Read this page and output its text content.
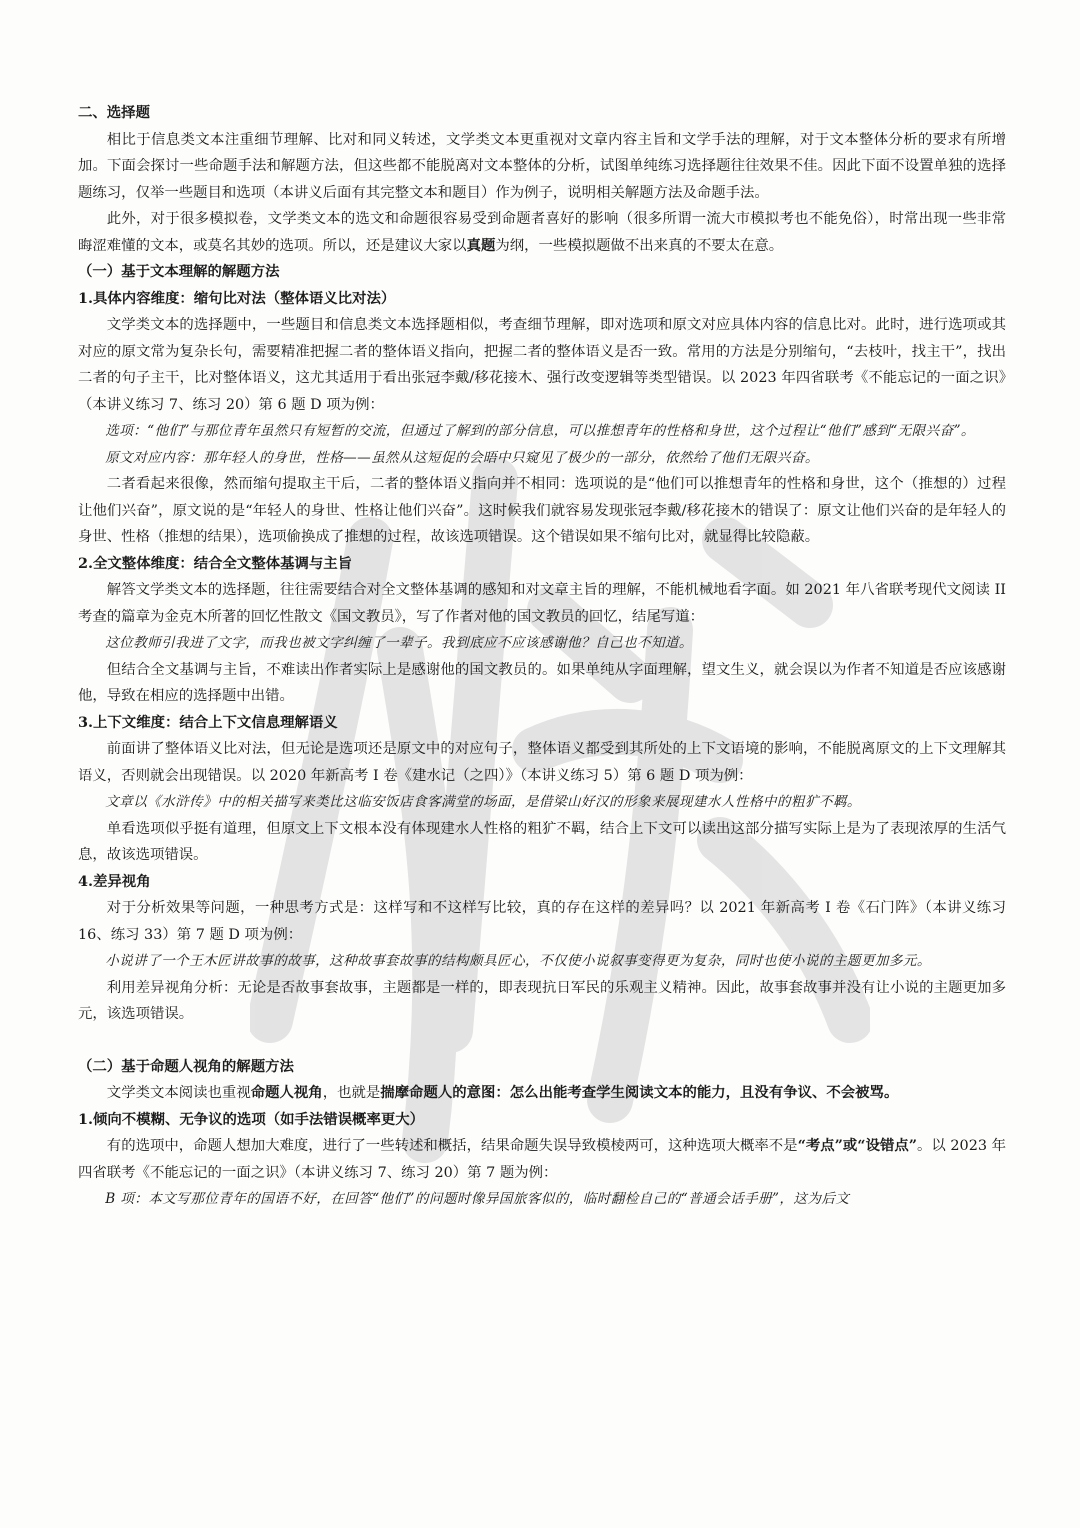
二、选择题
相比于信息类文本注重细节理解、比对和同义转述，文学类文本更重视对文章内容主旨和文学手法的理解，对于文本整体分析的要求有所增加。下面会探讨一些命题手法和解题方法，但这些都不能脱离对文本整体的分析，试图单纯练习选择题往往效果不佳。因此下面不设置单独的选择题练习，仅举一些题目和选项（本讲义后面有其完整文本和题目）作为例子，说明相关解题方法及命题手法。
此外，对于很多模拟卷，文学类文本的选文和命题很容易受到命题者喜好的影响（很多所谓一流大市模拟考也不能免俗），时常出现一些非常晦涩难懂的文本，或莫名其妙的选项。所以，还是建议大家以真题为纲，一些模拟题做不出来真的不要太在意。
（一）基于文本理解的解题方法
1.具体内容维度：缩句比对法（整体语义比对法）
文学类文本的选择题中，一些题目和信息类文本选择题相似，考查细节理解，即对选项和原文对应具体内容的信息比对。此时，进行选项或其对应的原文常为复杂长句，需要精准把握二者的整体语义指向，把握二者的整体语义是否一致。常用的方法是分别缩句，“去枝叶，找主干”，找出二者的句子主干，比对整体语义，这尤其适用于看出张冠李戴/移花接木、强行改变逻辑等类型错误。以 2023 年四省联考《不能忘记的一面之识》（本讲义练习 7、练习 20）第 6 题 D 项为例：
选项：“他们”与那位青年虽然只有短暂的交流，但通过了解到的部分信息，可以推想青年的性格和身世，这个过程让“他们”感到“无限兴奋”。
原文对应内容：那年轻人的身世，性格——虽然从这短促的会晤中只窥见了极少的一部分，依然给了他们无限兴奋。
二者看起来很像，然而缩句提取主干后，二者的整体语义指向并不相同：选项说的是“他们可以推想青年的性格和身世，这个（推想的）过程让他们兴奋”，原文说的是“年轻人的身世、性格让他们兴奋”。这时候我们就容易发现张冠李戴/移花接木的错误了：原文让他们兴奋的是年轻人的身世、性格（推想的结果），选项偷换成了推想的过程，故该选项错误。这个错误如果不缩句比对，就显得比较隐蔽。
2.全文整体维度：结合全文整体基调与主旨
解答文学类文本的选择题，往往需要结合对全文整体基调的感知和对文章主旨的理解，不能机械地看字面。如 2021 年八省联考现代文阅读 II 考查的篇章为金克木所著的回忆性散文《国文教员》，写了作者对他的国文教员的回忆，结尾写道：
这位教师引我进了文字，而我也被文字纠缠了一辈子。我到底应不应该感谢他？自己也不知道。
但结合全文基调与主旨，不难读出作者实际上是感谢他的国文教员的。如果单纯从字面理解，望文生义，就会误以为作者不知道是否应该感谢他，导致在相应的选择题中出错。
3.上下文维度：结合上下文信息理解语义
前面讲了整体语义比对法，但无论是选项还是原文中的对应句子，整体语义都受到其所处的上下文语境的影响，不能脱离原文的上下文理解其语义，否则就会出现错误。以 2020 年新高考 I 卷《建水记（之四）》（本讲义练习 5）第 6 题 D 项为例：
文章以《水浒传》中的相关描写来类比这临安饭店食客满堂的场面，是借梁山好汉的形象来展现建水人性格中的粗犷不羁。
单看选项似乎挺有道理，但原文上下文根本没有体现建水人性格的粗犷不羁，结合上下文可以读出这部分描写实际上是为了表现浓厚的生活气息，故该选项错误。
4.差异视角
对于分析效果等问题，一种思考方式是：这样写和不这样写比较，真的存在这样的差异吗？以 2021 年新高考 I 卷《石门阵》（本讲义练习 16、练习 33）第 7 题 D 项为例：
小说讲了一个王木匠讲故事的故事，这种故事套故事的结构颇具匠心，不仅使小说叙事变得更为复杂，同时也使小说的主题更加多元。
利用差异视角分析：无论是否故事套故事，主题都是一样的，即表现抗日军民的乐观主义精神。因此，故事套故事并没有让小说的主题更加多元，该选项错误。
（二）基于命题人视角的解题方法
文学类文本阅读也重视命题人视角，也就是揣摩命题人的意图：怎么出能考查学生阅读文本的能力，且没有争议、不会被骂。
1.倾向不模糊、无争议的选项（如手法错误概率更大）
有的选项中，命题人想加大难度，进行了一些转述和概括，结果命题失误导致模棱两可，这种选项大概率不是“考点”或“设错点”。以 2023 年四省联考《不能忘记的一面之识》（本讲义练习 7、练习 20）第 7 题为例：
B 项：本文写那位青年的国语不好，在回答“他们”的问题时像异国旅客似的，临时翻检自己的“普通会话手册”，这为后文
